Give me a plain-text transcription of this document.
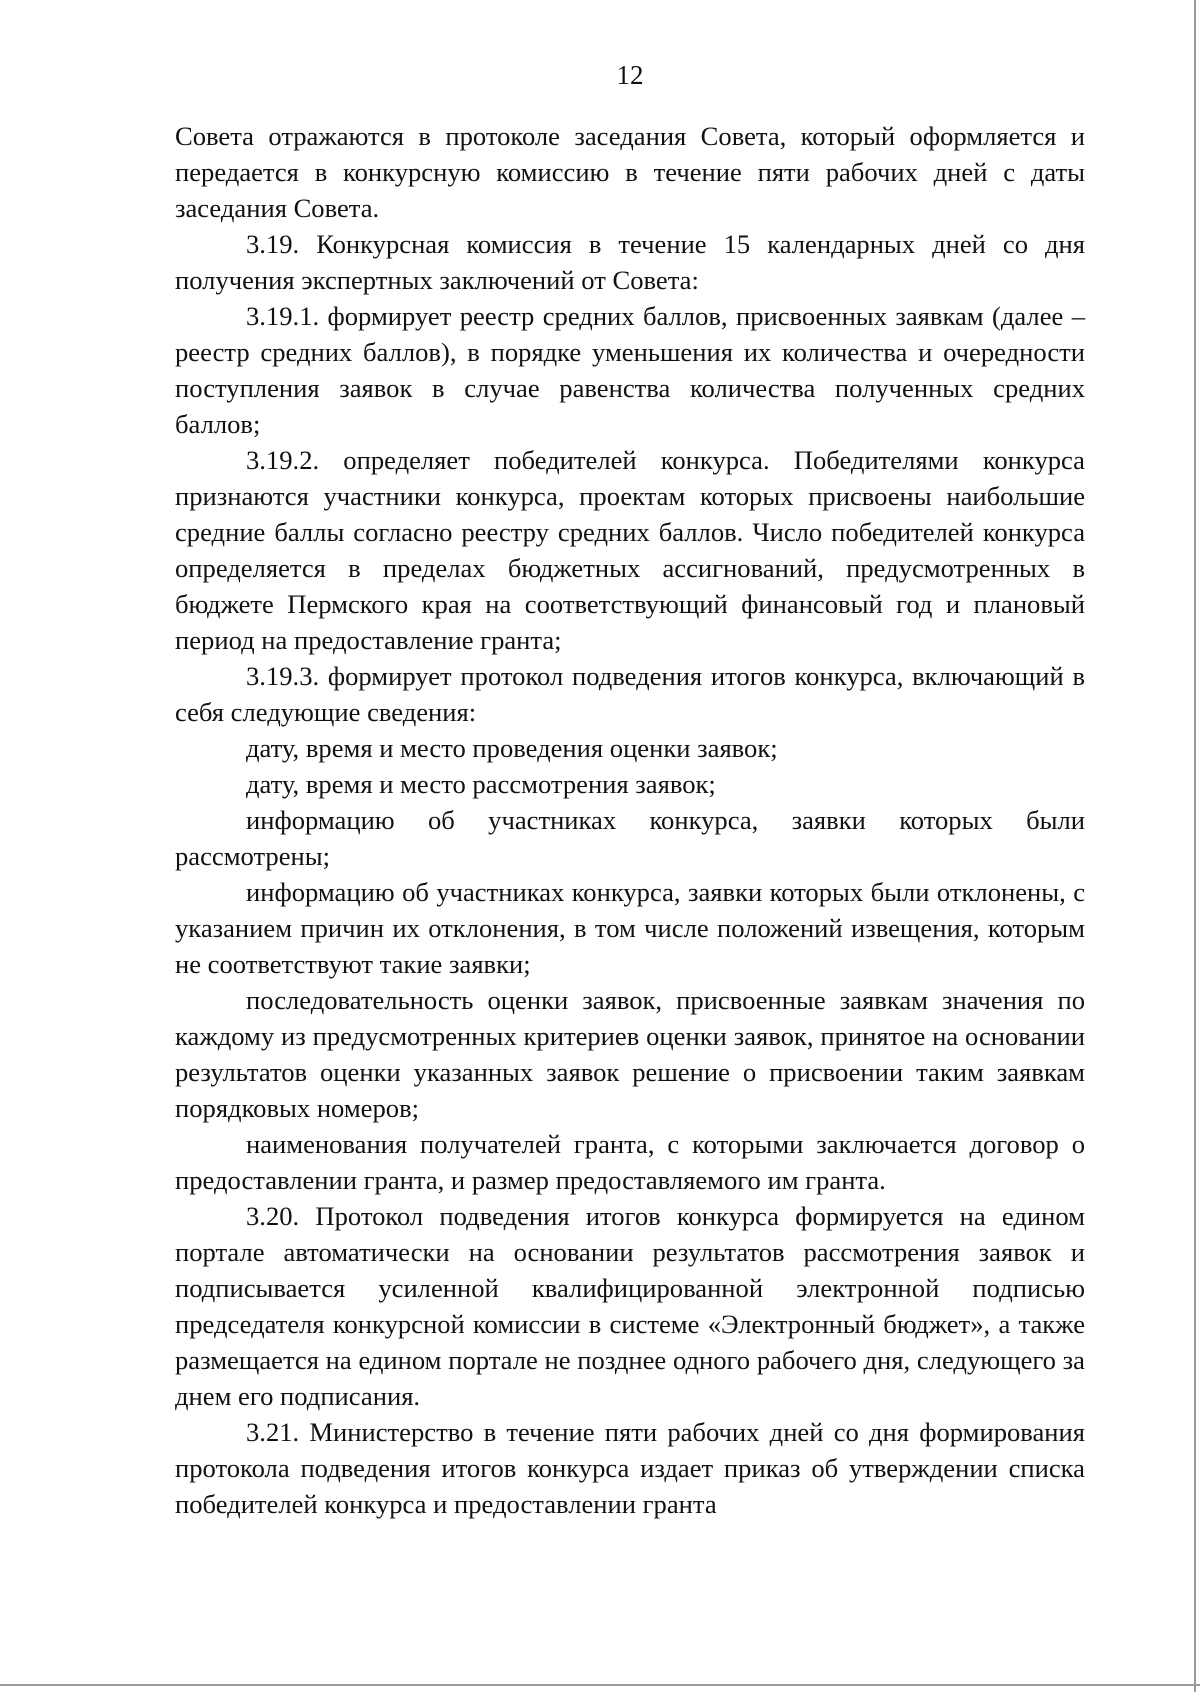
12

Совета отражаются в протоколе заседания Совета, который оформляется и передается в конкурсную комиссию в течение пяти рабочих дней с даты заседания Совета.

3.19. Конкурсная комиссия в течение 15 календарных дней со дня получения экспертных заключений от Совета:

3.19.1. формирует реестр средних баллов, присвоенных заявкам (далее – реестр средних баллов), в порядке уменьшения их количества и очередности поступления заявок в случае равенства количества полученных средних баллов;

3.19.2. определяет победителей конкурса. Победителями конкурса признаются участники конкурса, проектам которых присвоены наибольшие средние баллы согласно реестру средних баллов. Число победителей конкурса определяется в пределах бюджетных ассигнований, предусмотренных в бюджете Пермского края на соответствующий финансовый год и плановый период на предоставление гранта;

3.19.3. формирует протокол подведения итогов конкурса, включающий в себя следующие сведения:

дату, время и место проведения оценки заявок;

дату, время и место рассмотрения заявок;

информацию об участниках конкурса, заявки которых были рассмотрены;

информацию об участниках конкурса, заявки которых были отклонены, с указанием причин их отклонения, в том числе положений извещения, которым не соответствуют такие заявки;

последовательность оценки заявок, присвоенные заявкам значения по каждому из предусмотренных критериев оценки заявок, принятое на основании результатов оценки указанных заявок решение о присвоении таким заявкам порядковых номеров;

наименования получателей гранта, с которыми заключается договор о предоставлении гранта, и размер предоставляемого им гранта.

3.20. Протокол подведения итогов конкурса формируется на едином портале автоматически на основании результатов рассмотрения заявок и подписывается усиленной квалифицированной электронной подписью председателя конкурсной комиссии в системе «Электронный бюджет», а также размещается на едином портале не позднее одного рабочего дня, следующего за днем его подписания.

3.21. Министерство в течение пяти рабочих дней со дня формирования протокола подведения итогов конкурса издает приказ об утверждении списка победителей конкурса и предоставлении гранта
